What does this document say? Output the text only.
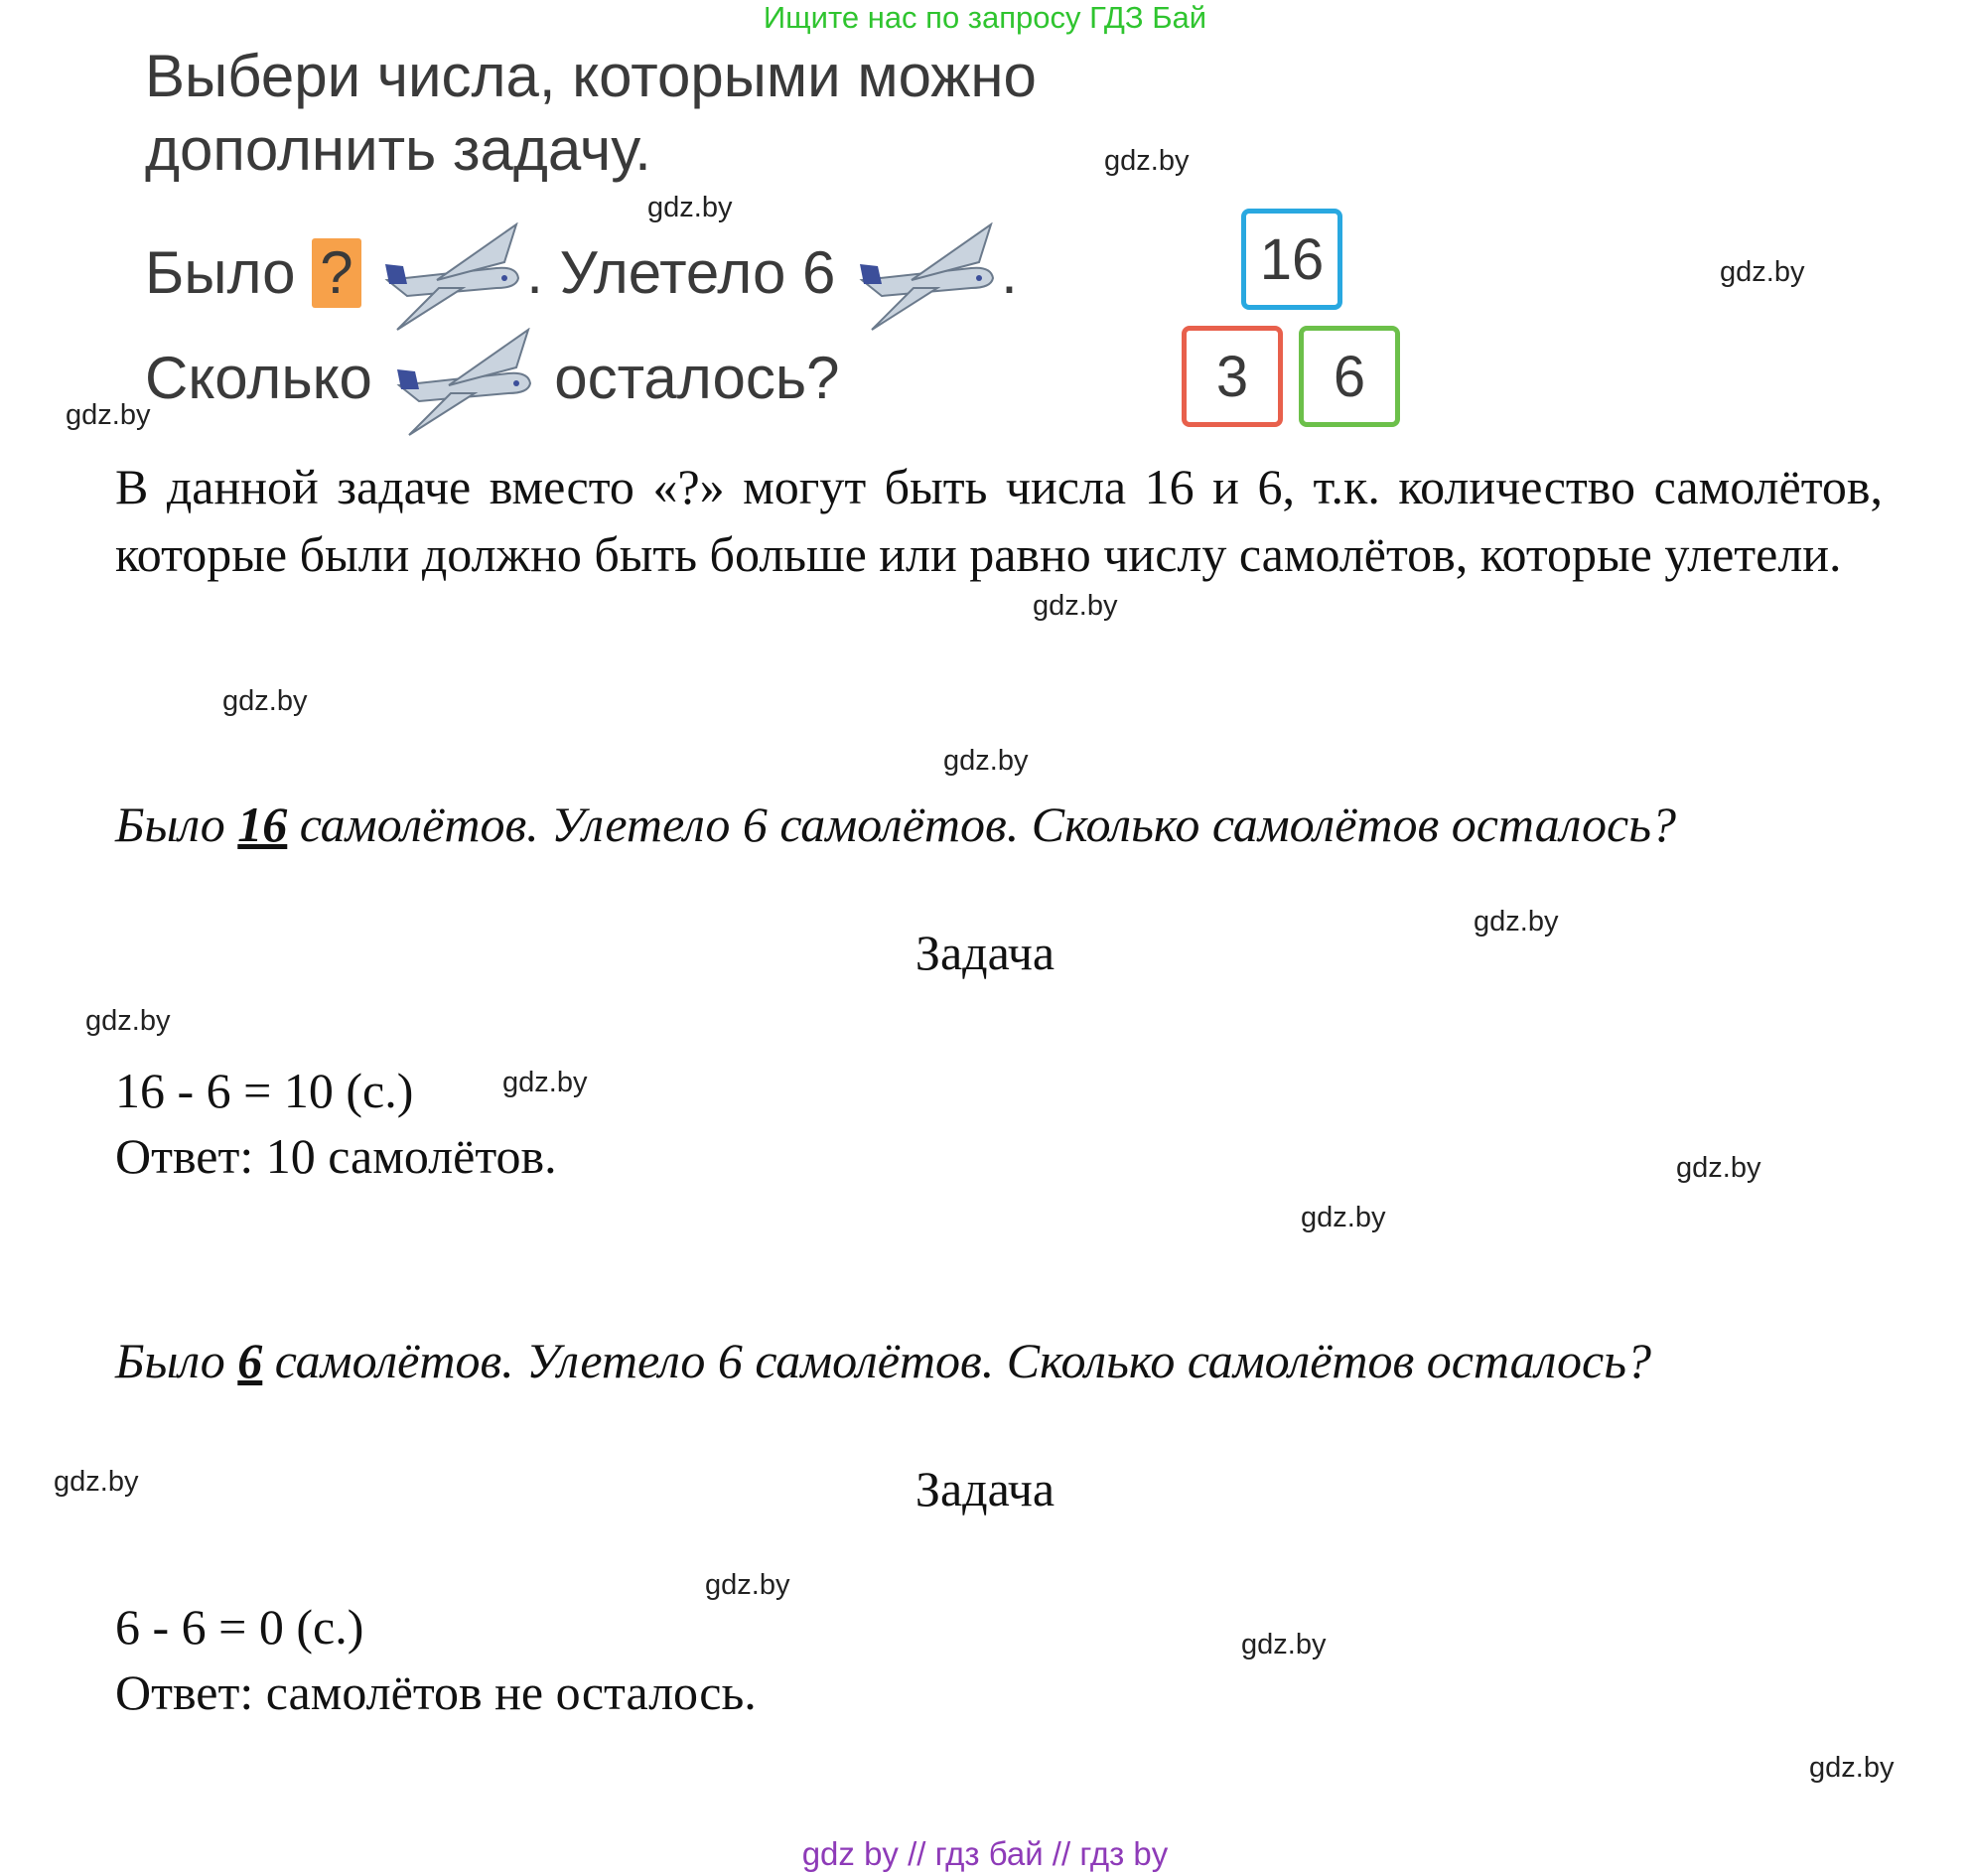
Ищите нас по запросу ГДЗ Бай
Выбери числа, которыми можно
дополнить задачу.
Было ?	. Улетело 6	.
Сколько	осталось?
16
3	6
В данной задаче вместо «?» могут быть числа 16 и 6, т.к. количество самолётов, которые были должно быть больше или равно числу самолётов, которые улетели.
Было 16 самолётов. Улетело 6 самолётов. Сколько самолётов осталось?
Задача
16 - 6 = 10 (с.)
Ответ: 10 самолётов.
Было 6 самолётов. Улетело 6 самолётов. Сколько самолётов осталось?
Задача
6 - 6 = 0 (с.)
Ответ: самолётов не осталось.
gdz.by
gdz.by
gdz.by
gdz.by
gdz.by
gdz.by
gdz.by
gdz.by
gdz.by
gdz.by
gdz.by
gdz.by
gdz.by
gdz.by
gdz.by
gdz.by
gdz by // гдз бай // гдз by
